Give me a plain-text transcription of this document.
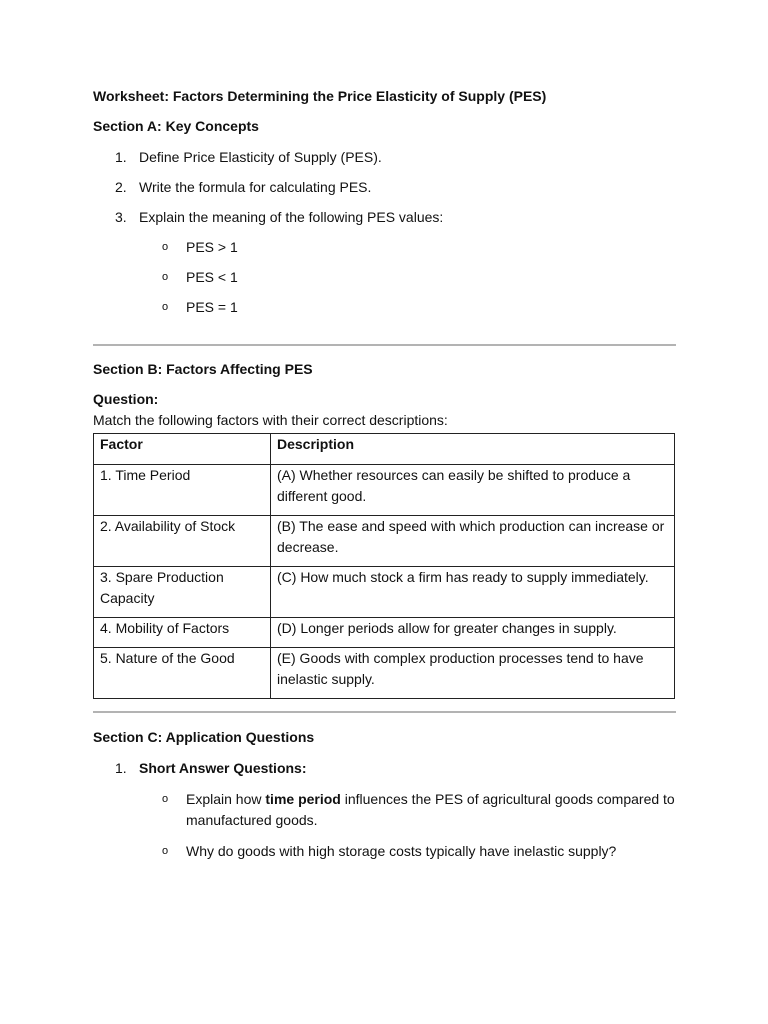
Worksheet: Factors Determining the Price Elasticity of Supply (PES)

Section A: Key Concepts

1. Define Price Elasticity of Supply (PES).
2. Write the formula for calculating PES.
3. Explain the meaning of the following PES values:
o PES > 1
o PES < 1
o PES = 1

Section B: Factors Affecting PES

Question:

Match the following factors with their correct descriptions:

Factor	Description
1. Time Period	(A) Whether resources can easily be shifted to produce a different good.
2. Availability of Stock	(B) The ease and speed with which production can increase or decrease.
3. Spare Production Capacity	(C) How much stock a firm has ready to supply immediately.
4. Mobility of Factors	(D) Longer periods allow for greater changes in supply.
5. Nature of the Good	(E) Goods with complex production processes tend to have inelastic supply.

Section C: Application Questions

1. Short Answer Questions:
o Explain how time period influences the PES of agricultural goods compared to manufactured goods.
o Why do goods with high storage costs typically have inelastic supply?
